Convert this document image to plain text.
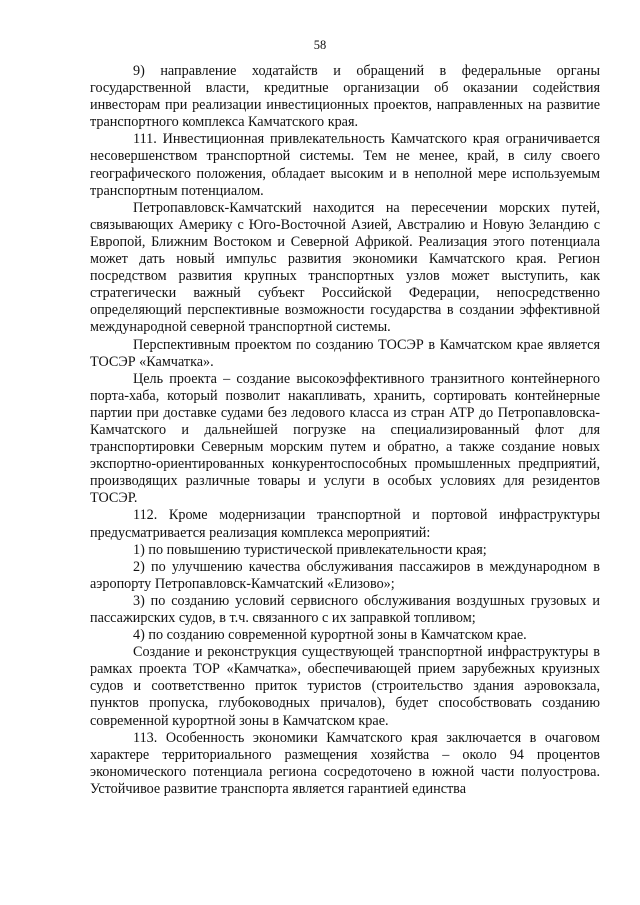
58

9) направление ходатайств и обращений в федеральные органы государственной власти, кредитные организации об оказании содействия инвесторам при реализации инвестиционных проектов, направленных на развитие транспортного комплекса Камчатского края.

111. Инвестиционная привлекательность Камчатского края ограничивается несовершенством транспортной системы. Тем не менее, край, в силу своего географического положения, обладает высоким и в неполной мере используемым транспортным потенциалом.

Петропавловск-Камчатский находится на пересечении морских путей, связывающих Америку с Юго-Восточной Азией, Австралию и Новую Зеландию с Европой, Ближним Востоком и Северной Африкой. Реализация этого потенциала может дать новый импульс развития экономики Камчатского края. Регион посредством развития крупных транспортных узлов может выступить, как стратегически важный субъект Российской Федерации, непосредственно определяющий перспективные возможности государства в создании эффективной международной северной транспортной системы.

Перспективным проектом по созданию ТОСЭР в Камчатском крае является ТОСЭР «Камчатка».

Цель проекта – создание высокоэффективного транзитного контейнерного порта-хаба, который позволит накапливать, хранить, сортировать контейнерные партии при доставке судами без ледового класса из стран АТР до Петропавловска-Камчатского и дальнейшей погрузке на специализированный флот для транспортировки Северным морским путем и обратно, а также создание новых экспортно-ориентированных конкурентоспособных промышленных предприятий, производящих различные товары и услуги в особых условиях для резидентов ТОСЭР.

112. Кроме модернизации транспортной и портовой инфраструктуры предусматривается реализация комплекса мероприятий:

1) по повышению туристической привлекательности края;

2) по улучшению качества обслуживания пассажиров в международном в аэропорту Петропавловск-Камчатский «Елизово»;

3) по созданию условий сервисного обслуживания воздушных грузовых и пассажирских судов, в т.ч. связанного с их заправкой топливом;

4) по созданию современной курортной зоны в Камчатском крае.

Создание и реконструкция существующей транспортной инфраструктуры в рамках проекта ТОР «Камчатка», обеспечивающей прием зарубежных круизных судов и соответственно приток туристов (строительство здания аэровокзала, пунктов пропуска, глубоководных причалов), будет способствовать созданию современной курортной зоны в Камчатском крае.

113. Особенность экономики Камчатского края заключается в очаговом характере территориального размещения хозяйства – около 94 процентов экономического потенциала региона сосредоточено в южной части полуострова. Устойчивое развитие транспорта является гарантией единства
